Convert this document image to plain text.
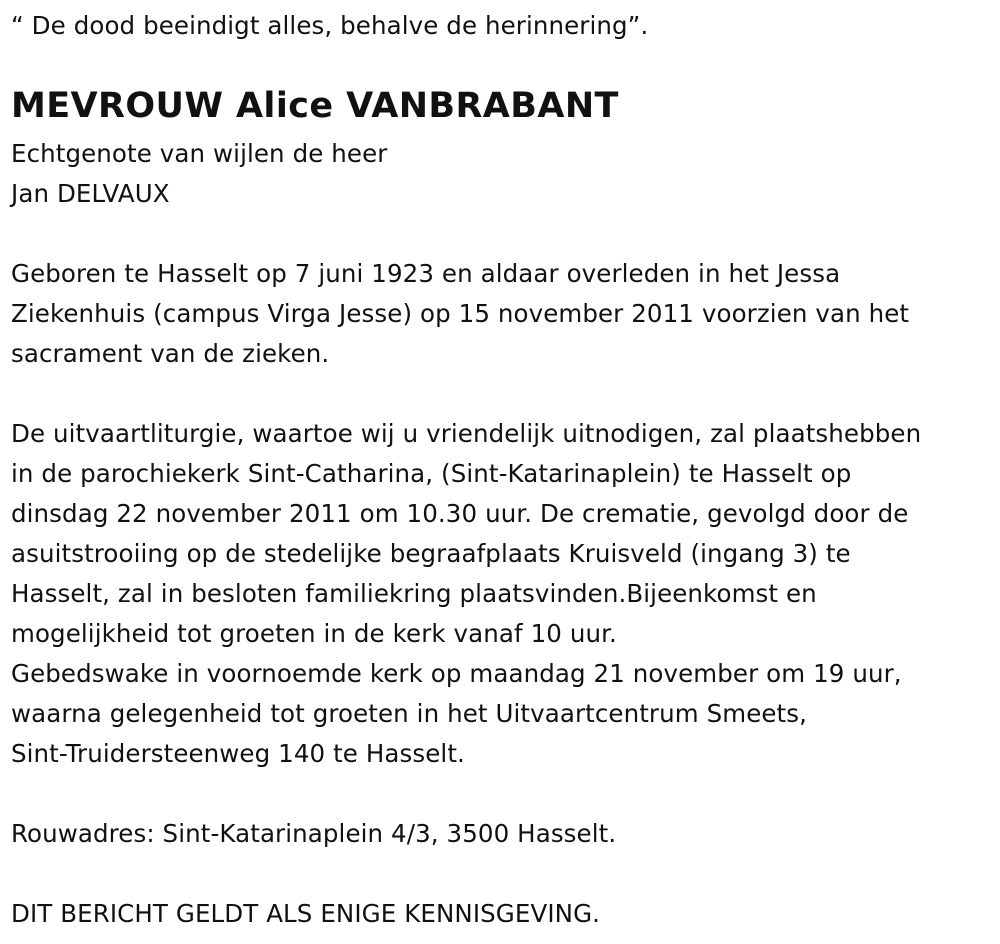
“ De dood beeindigt alles, behalve de herinnering”.

MEVROUW Alice VANBRABANT

Echtgenote van wijlen de heer

Jan DELVAUX

Geboren te Hasselt op 7 juni 1923 en aldaar overleden in het Jessa

Ziekenhuis (campus Virga Jesse) op 15 november 2011 voorzien van het

sacrament van de zieken.

De uitvaartliturgie, waartoe wij u vriendelijk uitnodigen, zal plaatshebben

in de parochiekerk Sint-Catharina, (Sint-Katarinaplein) te Hasselt op

dinsdag 22 november 2011 om 10.30 uur. De crematie, gevolgd door de

asuitstrooiing op de stedelijke begraafplaats Kruisveld (ingang 3) te

Hasselt, zal in besloten familiekring plaatsvinden.Bijeenkomst en

mogelijkheid tot groeten in de kerk vanaf 10 uur.

Gebedswake in voornoemde kerk op maandag 21 november om 19 uur,

waarna gelegenheid tot groeten in het Uitvaartcentrum Smeets,

Sint-Truidersteenweg 140 te Hasselt.

Rouwadres: Sint-Katarinaplein 4/3, 3500 Hasselt.

DIT BERICHT GELDT ALS ENIGE KENNISGEVING.
